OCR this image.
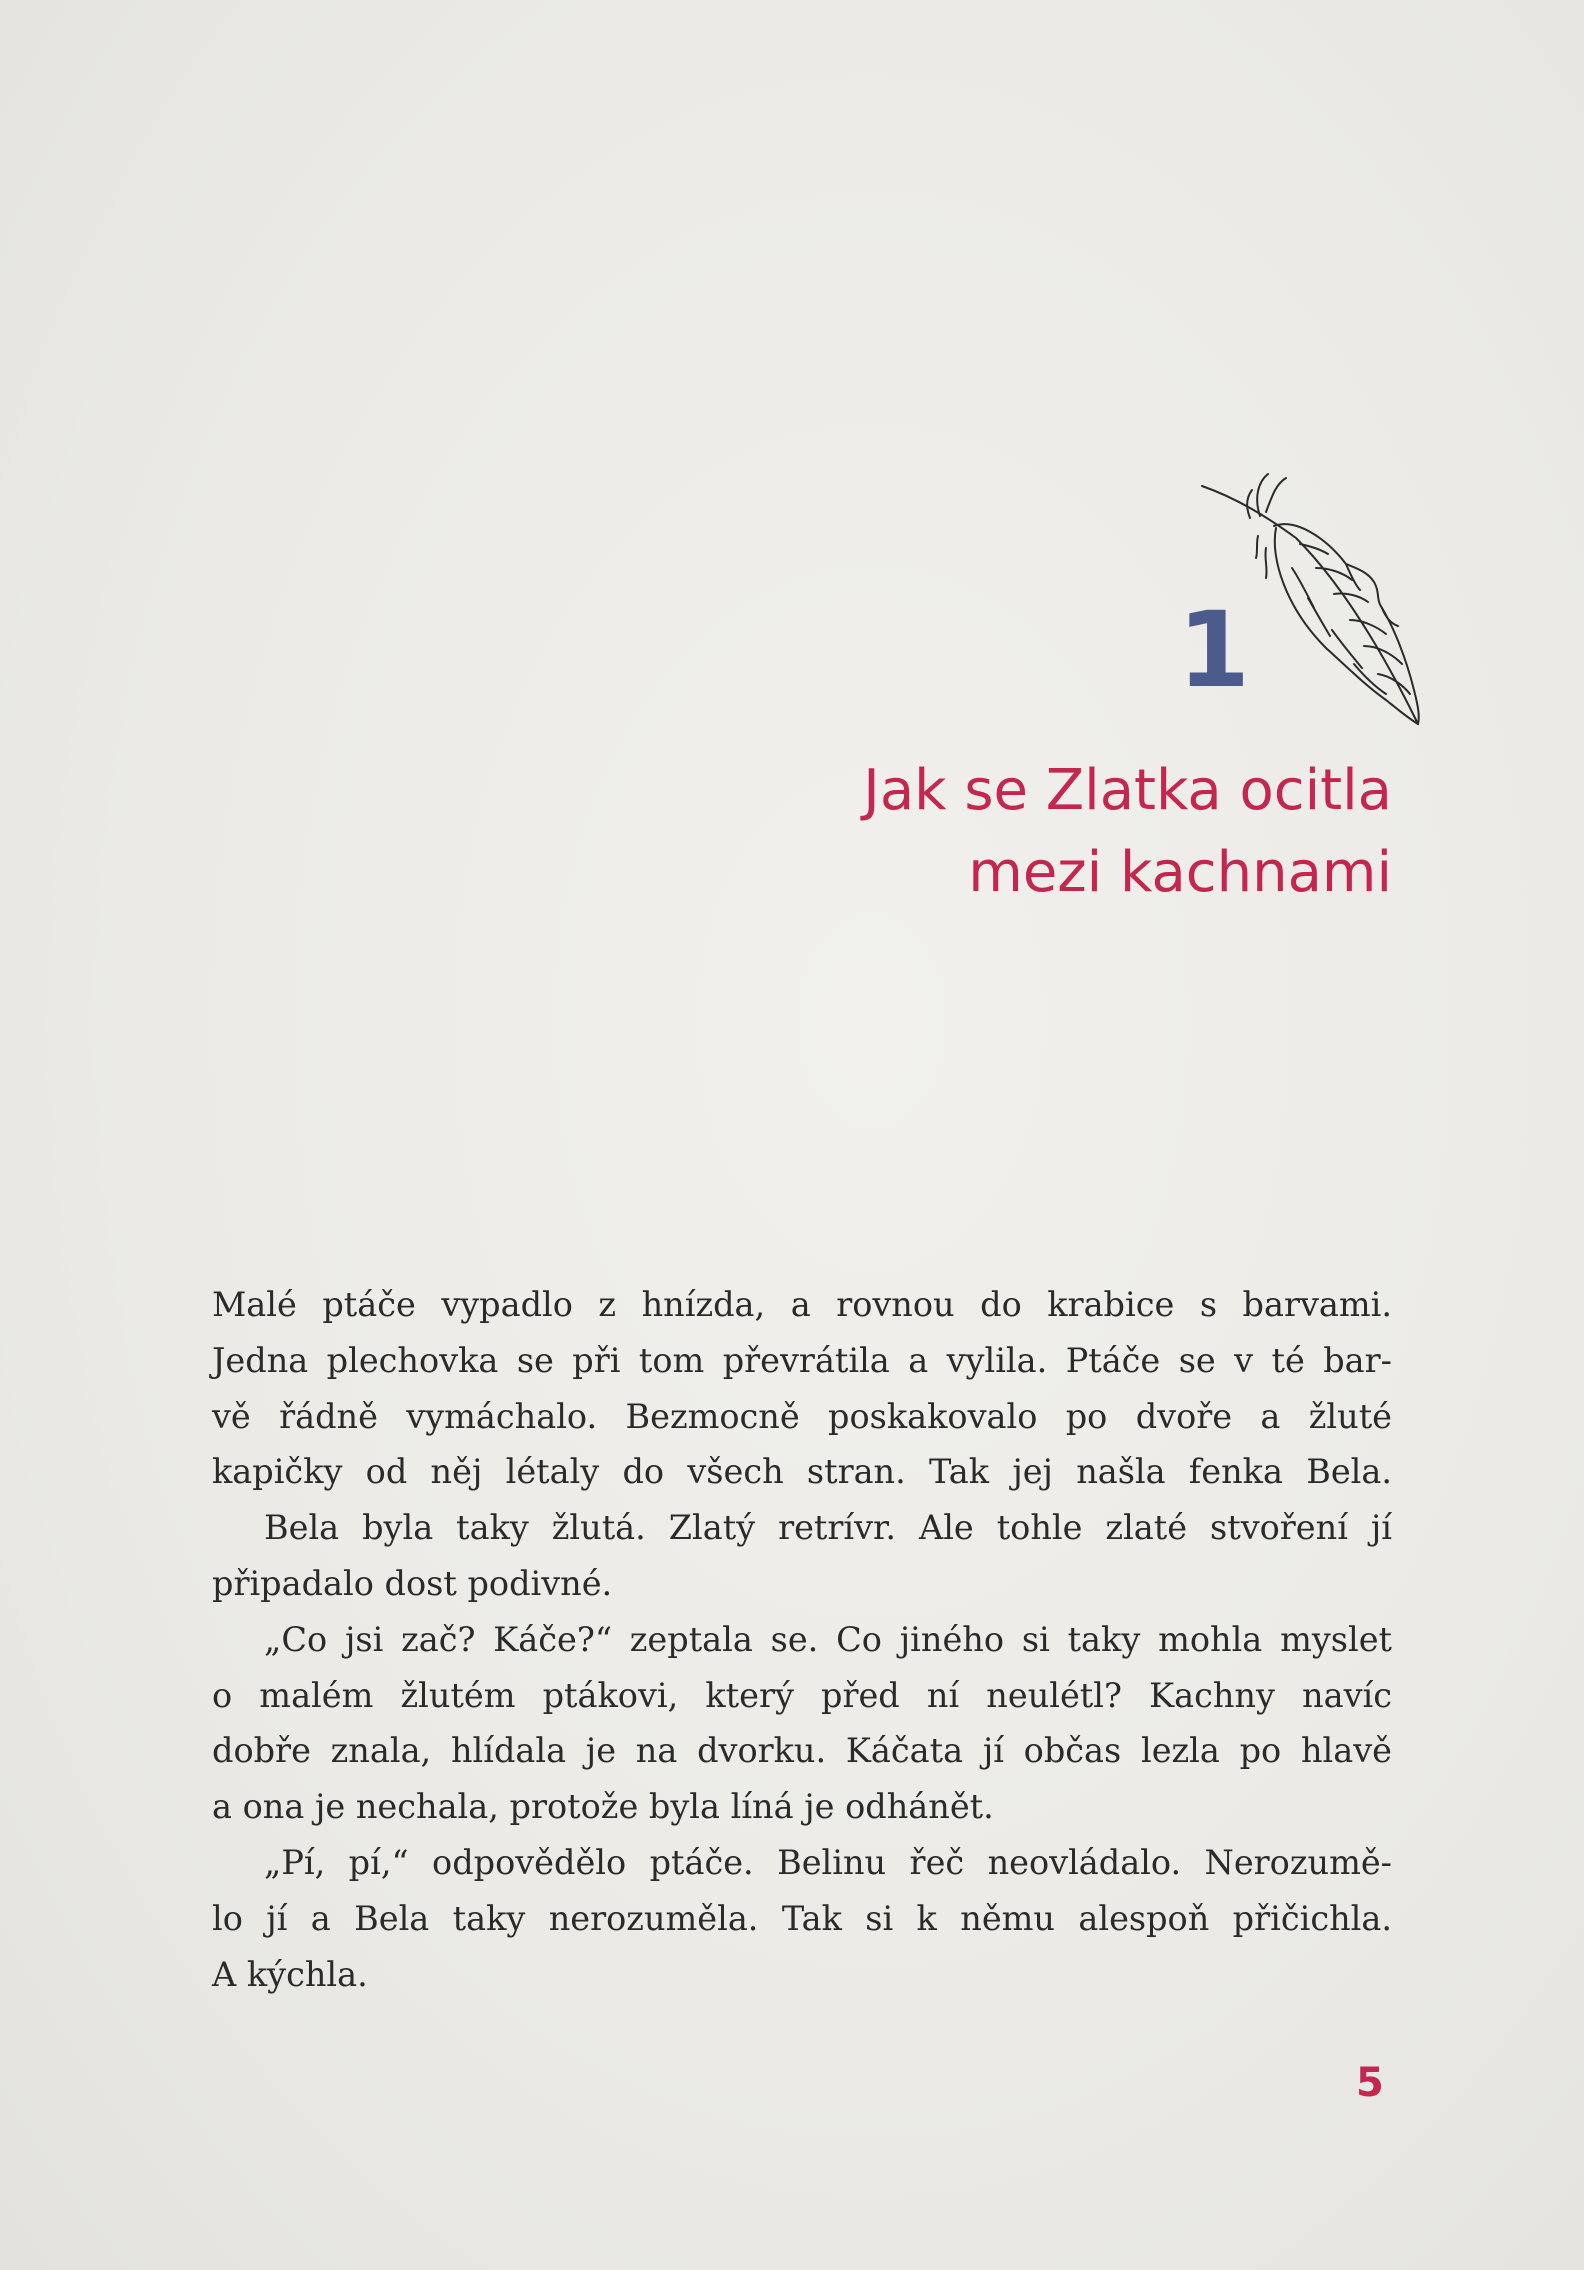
1
Jak se Zlatka ocitla
mezi kachnami
Malé ptáče vypadlo z hnízda, a rovnou do krabice s barvami.
Jedna plechovka se při tom převrátila a vylila. Ptáče se v té bar-
vě řádně vymáchalo. Bezmocně poskakovalo po dvoře a žluté
kapičky od něj létaly do všech stran. Tak jej našla fenka Bela.
Bela byla taky žlutá. Zlatý retrívr. Ale tohle zlaté stvoření jí
připadalo dost podivné.
„Co jsi zač? Káče?“ zeptala se. Co jiného si taky mohla myslet
o malém žlutém ptákovi, který před ní neulétl? Kachny navíc
dobře znala, hlídala je na dvorku. Káčata jí občas lezla po hlavě
a ona je nechala, protože byla líná je odhánět.
„Pí, pí,“ odpovědělo ptáče. Belinu řeč neovládalo. Nerozumě-
lo jí a Bela taky nerozuměla. Tak si k němu alespoň přičichla.
A kýchla.
5
